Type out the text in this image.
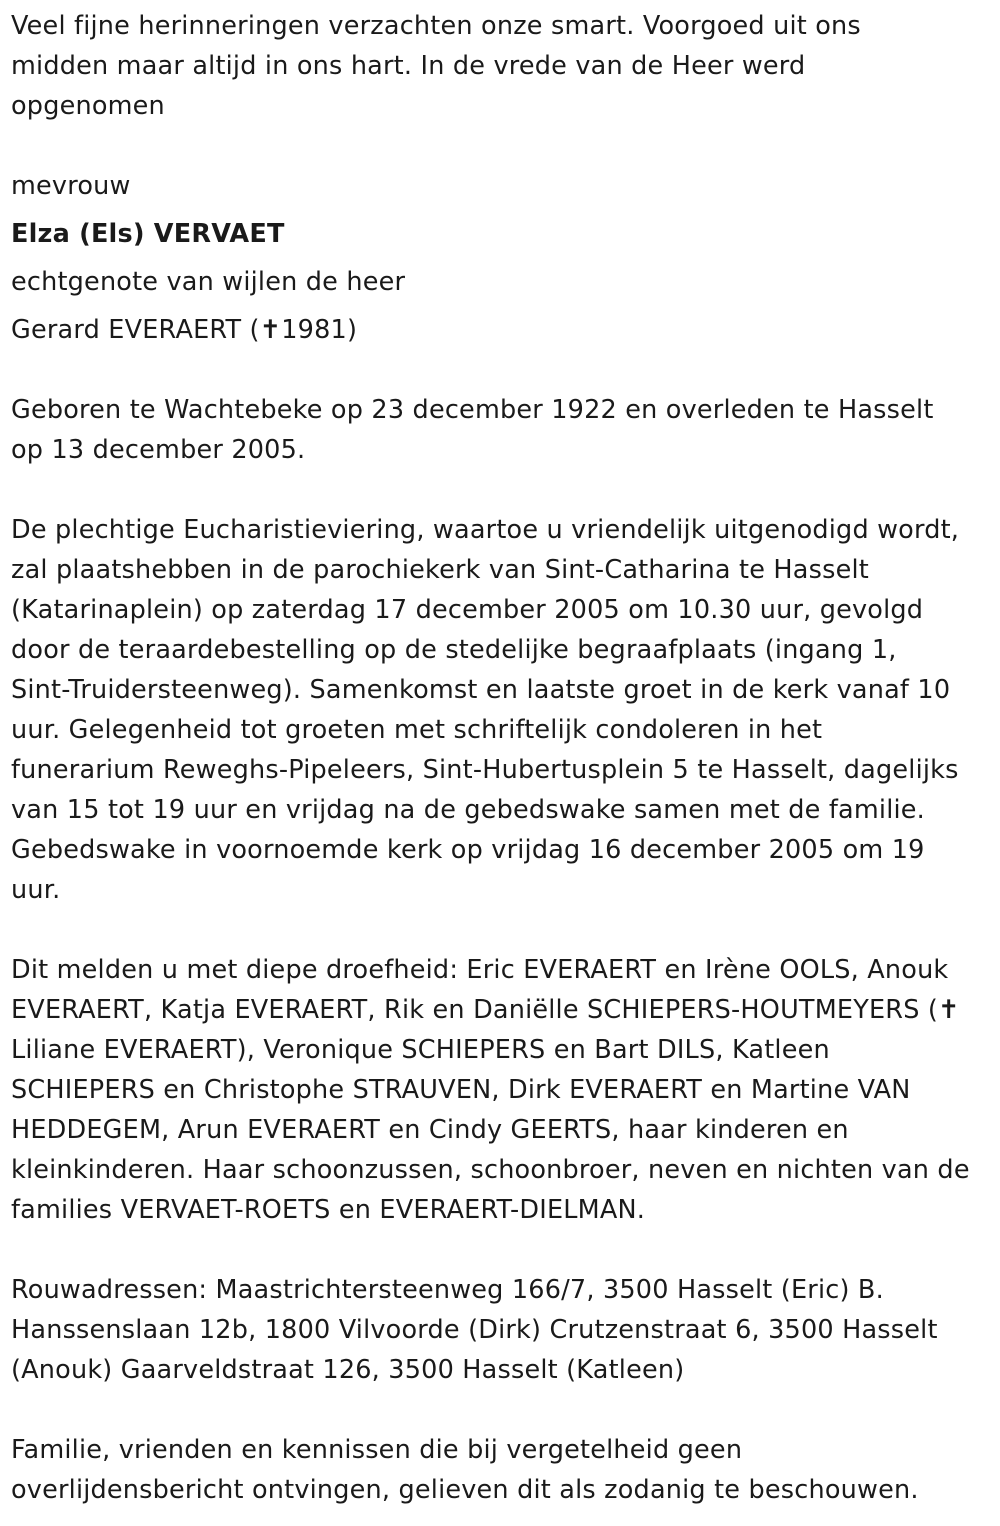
Veel fijne herinneringen verzachten onze smart. Voorgoed uit ons

midden maar altijd in ons hart. In de vrede van de Heer werd

opgenomen

mevrouw

Elza (Els) VERVAET

echtgenote van wijlen de heer

Gerard EVERAERT (✝1981)

Geboren te Wachtebeke op 23 december 1922 en overleden te Hasselt

op 13 december 2005.

De plechtige Eucharistieviering, waartoe u vriendelijk uitgenodigd wordt,

zal plaatshebben in de parochiekerk van Sint-Catharina te Hasselt

(Katarinaplein) op zaterdag 17 december 2005 om 10.30 uur, gevolgd

door de teraardebestelling op de stedelijke begraafplaats (ingang 1,

Sint-Truidersteenweg). Samenkomst en laatste groet in de kerk vanaf 10

uur. Gelegenheid tot groeten met schriftelijk condoleren in het

funerarium Reweghs-Pipeleers, Sint-Hubertusplein 5 te Hasselt, dagelijks

van 15 tot 19 uur en vrijdag na de gebedswake samen met de familie.

Gebedswake in voornoemde kerk op vrijdag 16 december 2005 om 19

uur.

Dit melden u met diepe droefheid: Eric EVERAERT en Irène OOLS, Anouk

EVERAERT, Katja EVERAERT, Rik en Daniëlle SCHIEPERS-HOUTMEYERS (✝

Liliane EVERAERT), Veronique SCHIEPERS en Bart DILS, Katleen

SCHIEPERS en Christophe STRAUVEN, Dirk EVERAERT en Martine VAN

HEDDEGEM, Arun EVERAERT en Cindy GEERTS, haar kinderen en

kleinkinderen. Haar schoonzussen, schoonbroer, neven en nichten van de

families VERVAET-ROETS en EVERAERT-DIELMAN.

Rouwadressen: Maastrichtersteenweg 166/7, 3500 Hasselt (Eric) B.

Hanssenslaan 12b, 1800 Vilvoorde (Dirk) Crutzenstraat 6, 3500 Hasselt

(Anouk) Gaarveldstraat 126, 3500 Hasselt (Katleen)

Familie, vrienden en kennissen die bij vergetelheid geen

overlijdensbericht ontvingen, gelieven dit als zodanig te beschouwen.
